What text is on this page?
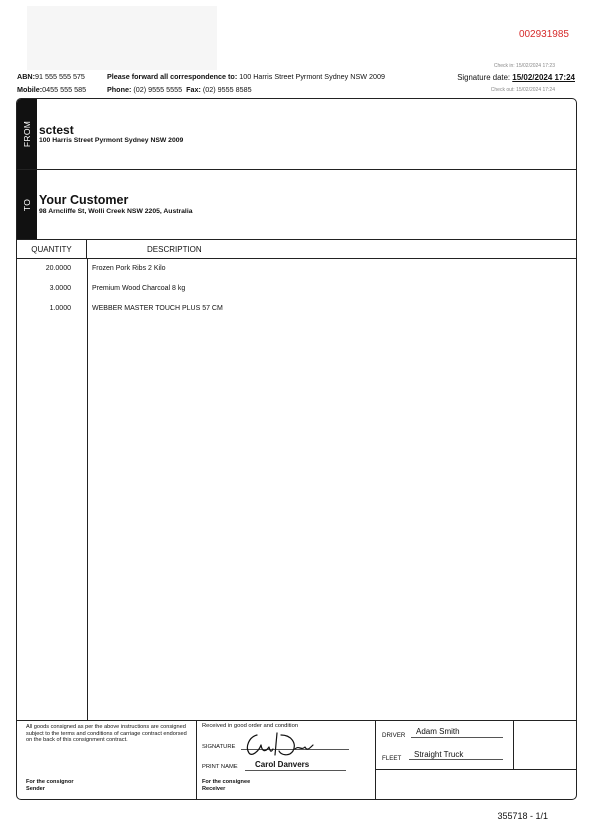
002931985
ABN:91 555 555 575
Mobile:0455 555 585
Please forward all correspondence to: 100 Harris Street Pyrmont Sydney NSW 2009
Phone: (02) 9555 5555 Fax: (02) 9555 8585
Check in: 15/02/2024 17:23
Signature date: 15/02/2024 17:24
Check out: 15/02/2024 17:24
FROM sctest
100 Harris Street Pyrmont Sydney NSW 2009
TO Your Customer
98 Arncliffe St, Wolli Creek NSW 2205, Australia
QUANTITY	DESCRIPTION
20.0000	Frozen Pork Ribs 2 Kilo
3.0000	Premium Wood Charcoal 8 kg
1.0000	WEBBER MASTER TOUCH PLUS 57 CM
All goods consigned as per the above instructions are consigned subject to the terms and conditions of carriage contract endorsed on the back of this consignment contract.
For the consignor
Sender
Received in good order and condition
SIGNATURE
PRINT NAME Carol Danvers
For the consignee
Receiver
DRIVER Adam Smith
FLEET Straight Truck
355718 - 1/1
